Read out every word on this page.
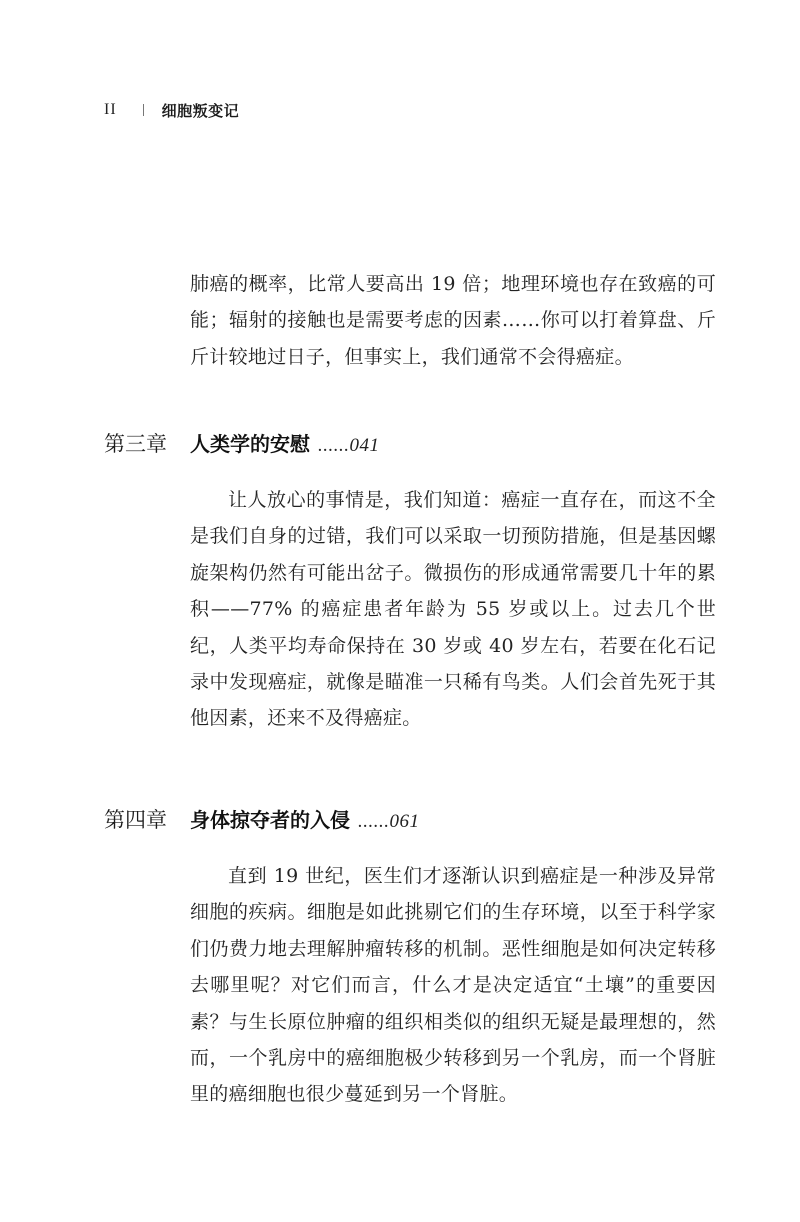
II	细胞叛变记

肺癌的概率，比常人要高出 19 倍；地理环境也存在致癌的可能；辐射的接触也是需要考虑的因素……你可以打着算盘、斤斤计较地过日子，但事实上，我们通常不会得癌症。

第三章	人类学的安慰 ...... 041

让人放心的事情是，我们知道：癌症一直存在，而这不全是我们自身的过错，我们可以采取一切预防措施，但是基因螺旋架构仍然有可能出岔子。微损伤的形成通常需要几十年的累积——77% 的癌症患者年龄为 55 岁或以上。过去几个世纪，人类平均寿命保持在 30 岁或 40 岁左右，若要在化石记录中发现癌症，就像是瞄准一只稀有鸟类。人们会首先死于其他因素，还来不及得癌症。

第四章	身体掠夺者的入侵 ...... 061

直到 19 世纪，医生们才逐渐认识到癌症是一种涉及异常细胞的疾病。细胞是如此挑剔它们的生存环境，以至于科学家们仍费力地去理解肿瘤转移的机制。恶性细胞是如何决定转移去哪里呢？对它们而言，什么才是决定适宜“土壤”的重要因素？与生长原位肿瘤的组织相类似的组织无疑是最理想的，然而，一个乳房中的癌细胞极少转移到另一个乳房，而一个肾脏里的癌细胞也很少蔓延到另一个肾脏。
